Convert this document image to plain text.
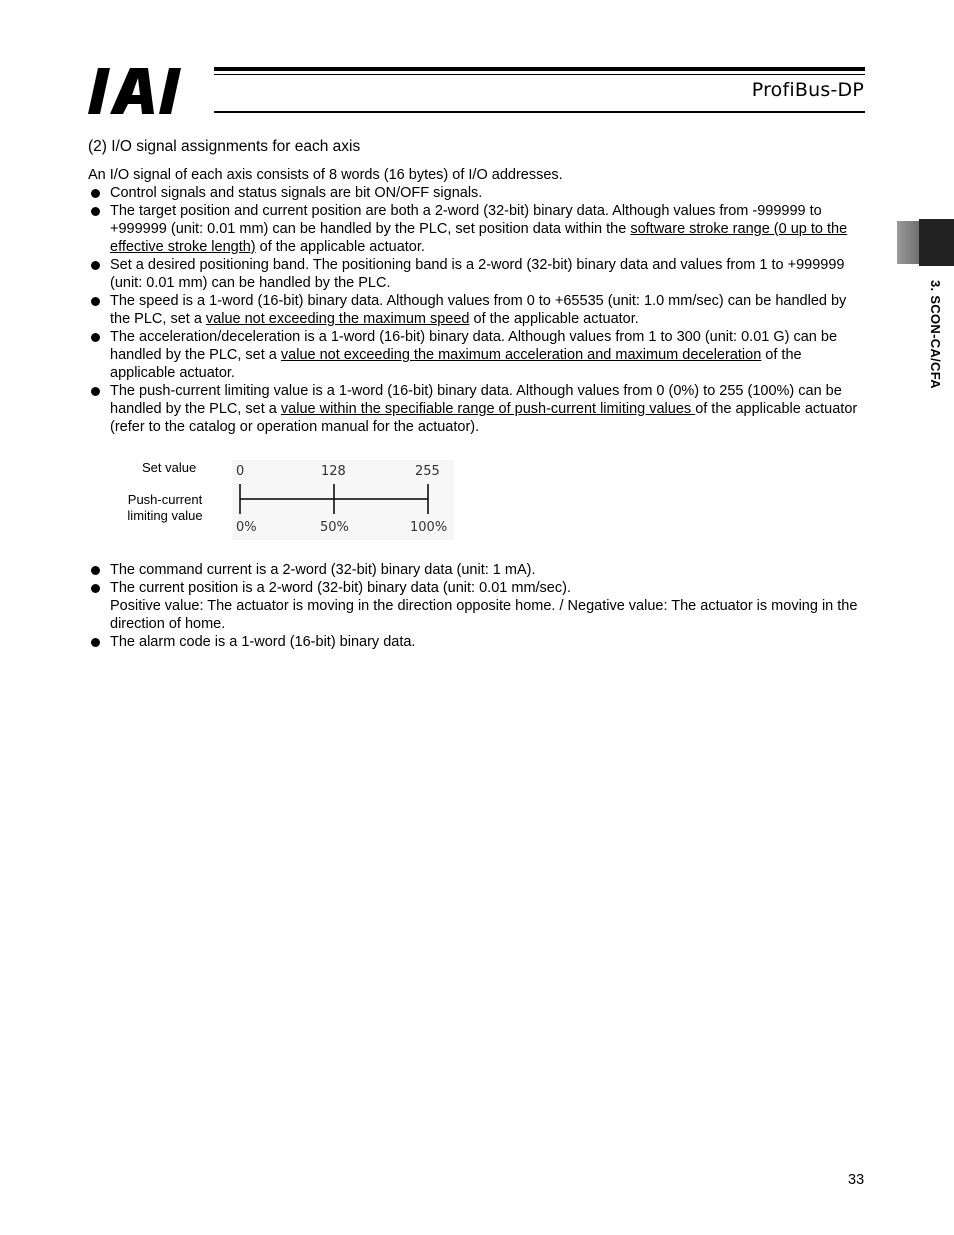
ProfiBus-DP
3. SCON-CA/CFA
(2) I/O signal assignments for each axis

An I/O signal of each axis consists of 8 words (16 bytes) of I/O addresses.

Control signals and status signals are bit ON/OFF signals.
The target position and current position are both a 2-word (32-bit) binary data. Although values from -999999 to +999999 (unit: 0.01 mm) can be handled by the PLC, set position data within the software stroke range (0 up to the effective stroke length) of the applicable actuator.
Set a desired positioning band. The positioning band is a 2-word (32-bit) binary data and values from 1 to +999999 (unit: 0.01 mm) can be handled by the PLC.
The speed is a 1-word (16-bit) binary data. Although values from 0 to +65535 (unit: 1.0 mm/sec) can be handled by the PLC, set a value not exceeding the maximum speed of the applicable actuator.
The acceleration/deceleration is a 1-word (16-bit) binary data. Although values from 1 to 300 (unit: 0.01 G) can be handled by the PLC, set a value not exceeding the maximum acceleration and maximum deceleration of the applicable actuator.
The push-current limiting value is a 1-word (16-bit) binary data. Although values from 0 (0%) to 255 (100%) can be handled by the PLC, set a value within the specifiable range of push-current limiting values of the applicable actuator (refer to the catalog or operation manual for the actuator).
Set value
Push-current limiting value
0	128	255
0%	50%	100%
The command current is a 2-word (32-bit) binary data (unit: 1 mA).
The current position is a 2-word (32-bit) binary data (unit: 0.01 mm/sec).
Positive value: The actuator is moving in the direction opposite home. / Negative value: The actuator is moving in the direction of home.
The alarm code is a 1-word (16-bit) binary data.
33
